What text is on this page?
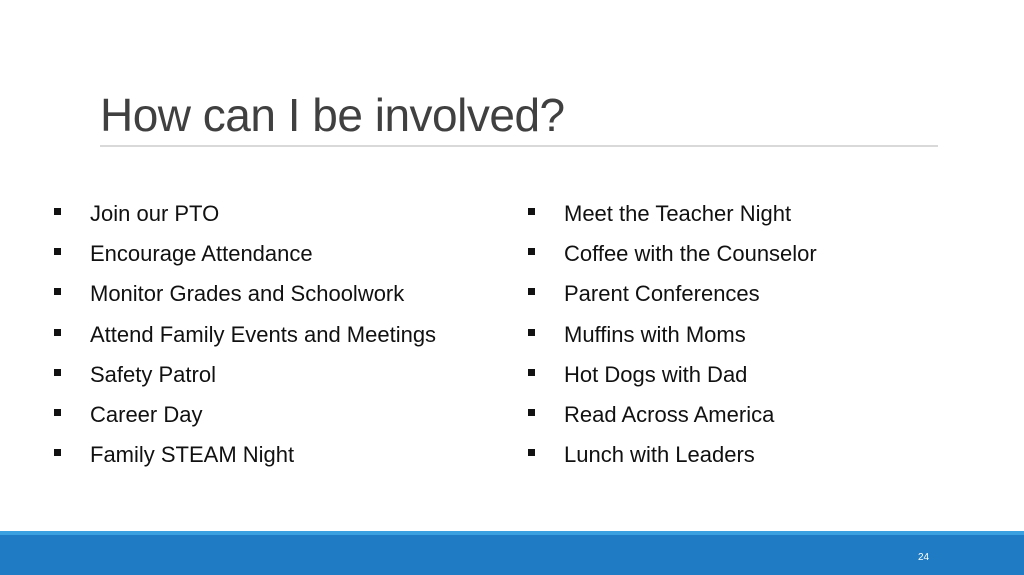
How can I be involved?
Join our PTO
Encourage Attendance
Monitor Grades and Schoolwork
Attend Family Events and Meetings
Safety Patrol
Career Day
Family STEAM Night
Meet the Teacher Night
Coffee with the Counselor
Parent Conferences
Muffins with Moms
Hot Dogs with Dad
Read Across America
Lunch with Leaders
24
